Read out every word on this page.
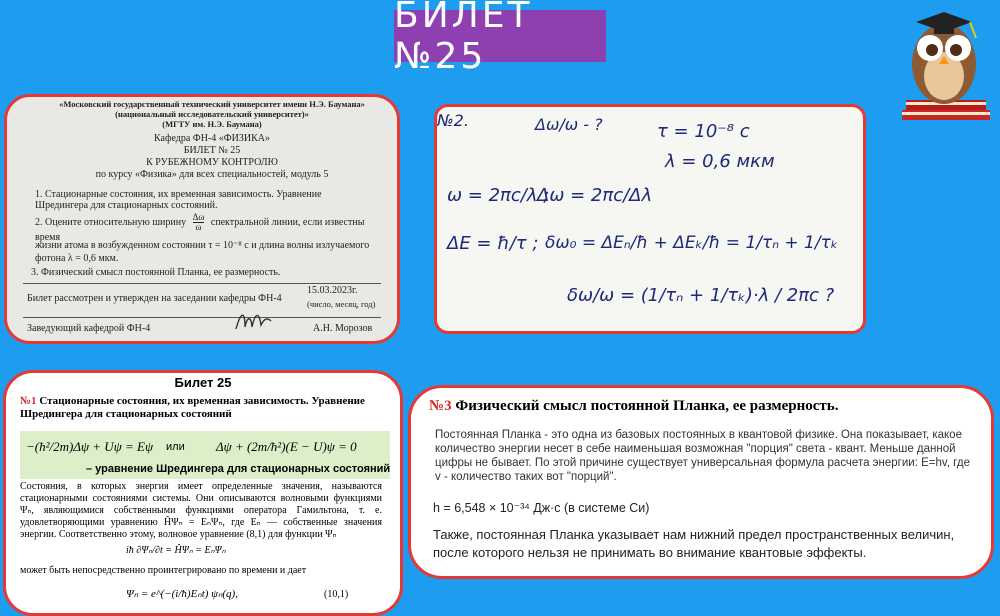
БИЛЕТ №25
«Московский государственный технический университет имени Н.Э. Баумана»
(национальный исследовательский университет)»
(МГТУ им. Н.Э. Баумана)
Кафедра ФН-4 «ФИЗИКА»
БИЛЕТ № 25
К РУБЕЖНОМУ КОНТРОЛЮ
по курсу «Физика» для всех специальностей, модуль 5
1. Стационарные состояния, их временная зависимость. Уравнение Шредингера для стационарных состояний.
2. Оцените относительную ширину $\frac{\Delta\omega}{\omega}$ спектральной линии, если известны время
жизни атома в возбужденном состоянии τ = 10⁻⁸ с и длина волны излучаемого
фотона λ = 0,6 мкм.
3. Физический смысл постоянной Планка, ее размерность.
Билет рассмотрен и утвержден на заседании кафедры ФН-4
15.03.2023г.
(число, месяц, год)
Заведующий кафедрой ФН-4	А.Н. Морозов
№2.	Δω/ω - ?	τ = 10⁻⁸ с
λ = 0,6 мкм
ω = 2πc/λ ;
Δω = 2πc/Δλ
ΔE = ħ/τ ; δω₀ = ΔEₙ/ħ + ΔEₖ/ħ = 1/τₙ + 1/τₖ
δω/ω = (1/τₙ + 1/τₖ)·λ / 2πc ?
Билет 25
№1 Стационарные состояния, их временная зависимость. Уравнение Шредингера для стационарных состояний
−(ħ²/2m)Δψ + Uψ = Eψ или Δψ + (2m/ħ²)(E − U)ψ = 0
– уравнение Шредингера для стационарных состояний
Состояния, в которых энергия имеет определенные значения, называются стационарными состояниями системы. Они описываются волновыми функциями Ψₙ, являющимися собственными функциями оператора Гамильтона, т. е. удовлетворяющими уравнению ĤΨₙ = EₙΨₙ, где Eₙ — собственные значения энергии. Соответственно этому, волновое уравнение (8,1) для функции Ψₙ
iħ ∂Ψₙ/∂t = ĤΨₙ = EₙΨₙ
может быть непосредственно проинтегрировано по времени и дает
Ψₙ = e^(−(i/ħ)Eₙt) ψₙ(q),	(10,1)
№3 Физический смысл постоянной Планка, ее размерность.
Постоянная Планка - это одна из базовых постоянных в квантовой физике. Она показывает, какое количество энергии несет в себе наименьшая возможная "порция" света - квант. Меньше данной цифры не бывает. По этой причине существует универсальная формула расчета энергии: E=hv, где v - количество таких вот "порций".
h = 6,548 × 10⁻³⁴ Дж·с (в системе Си)
Также, постоянная Планка указывает нам нижний предел пространственных величин, после которого нельзя не принимать во внимание квантовые эффекты.
